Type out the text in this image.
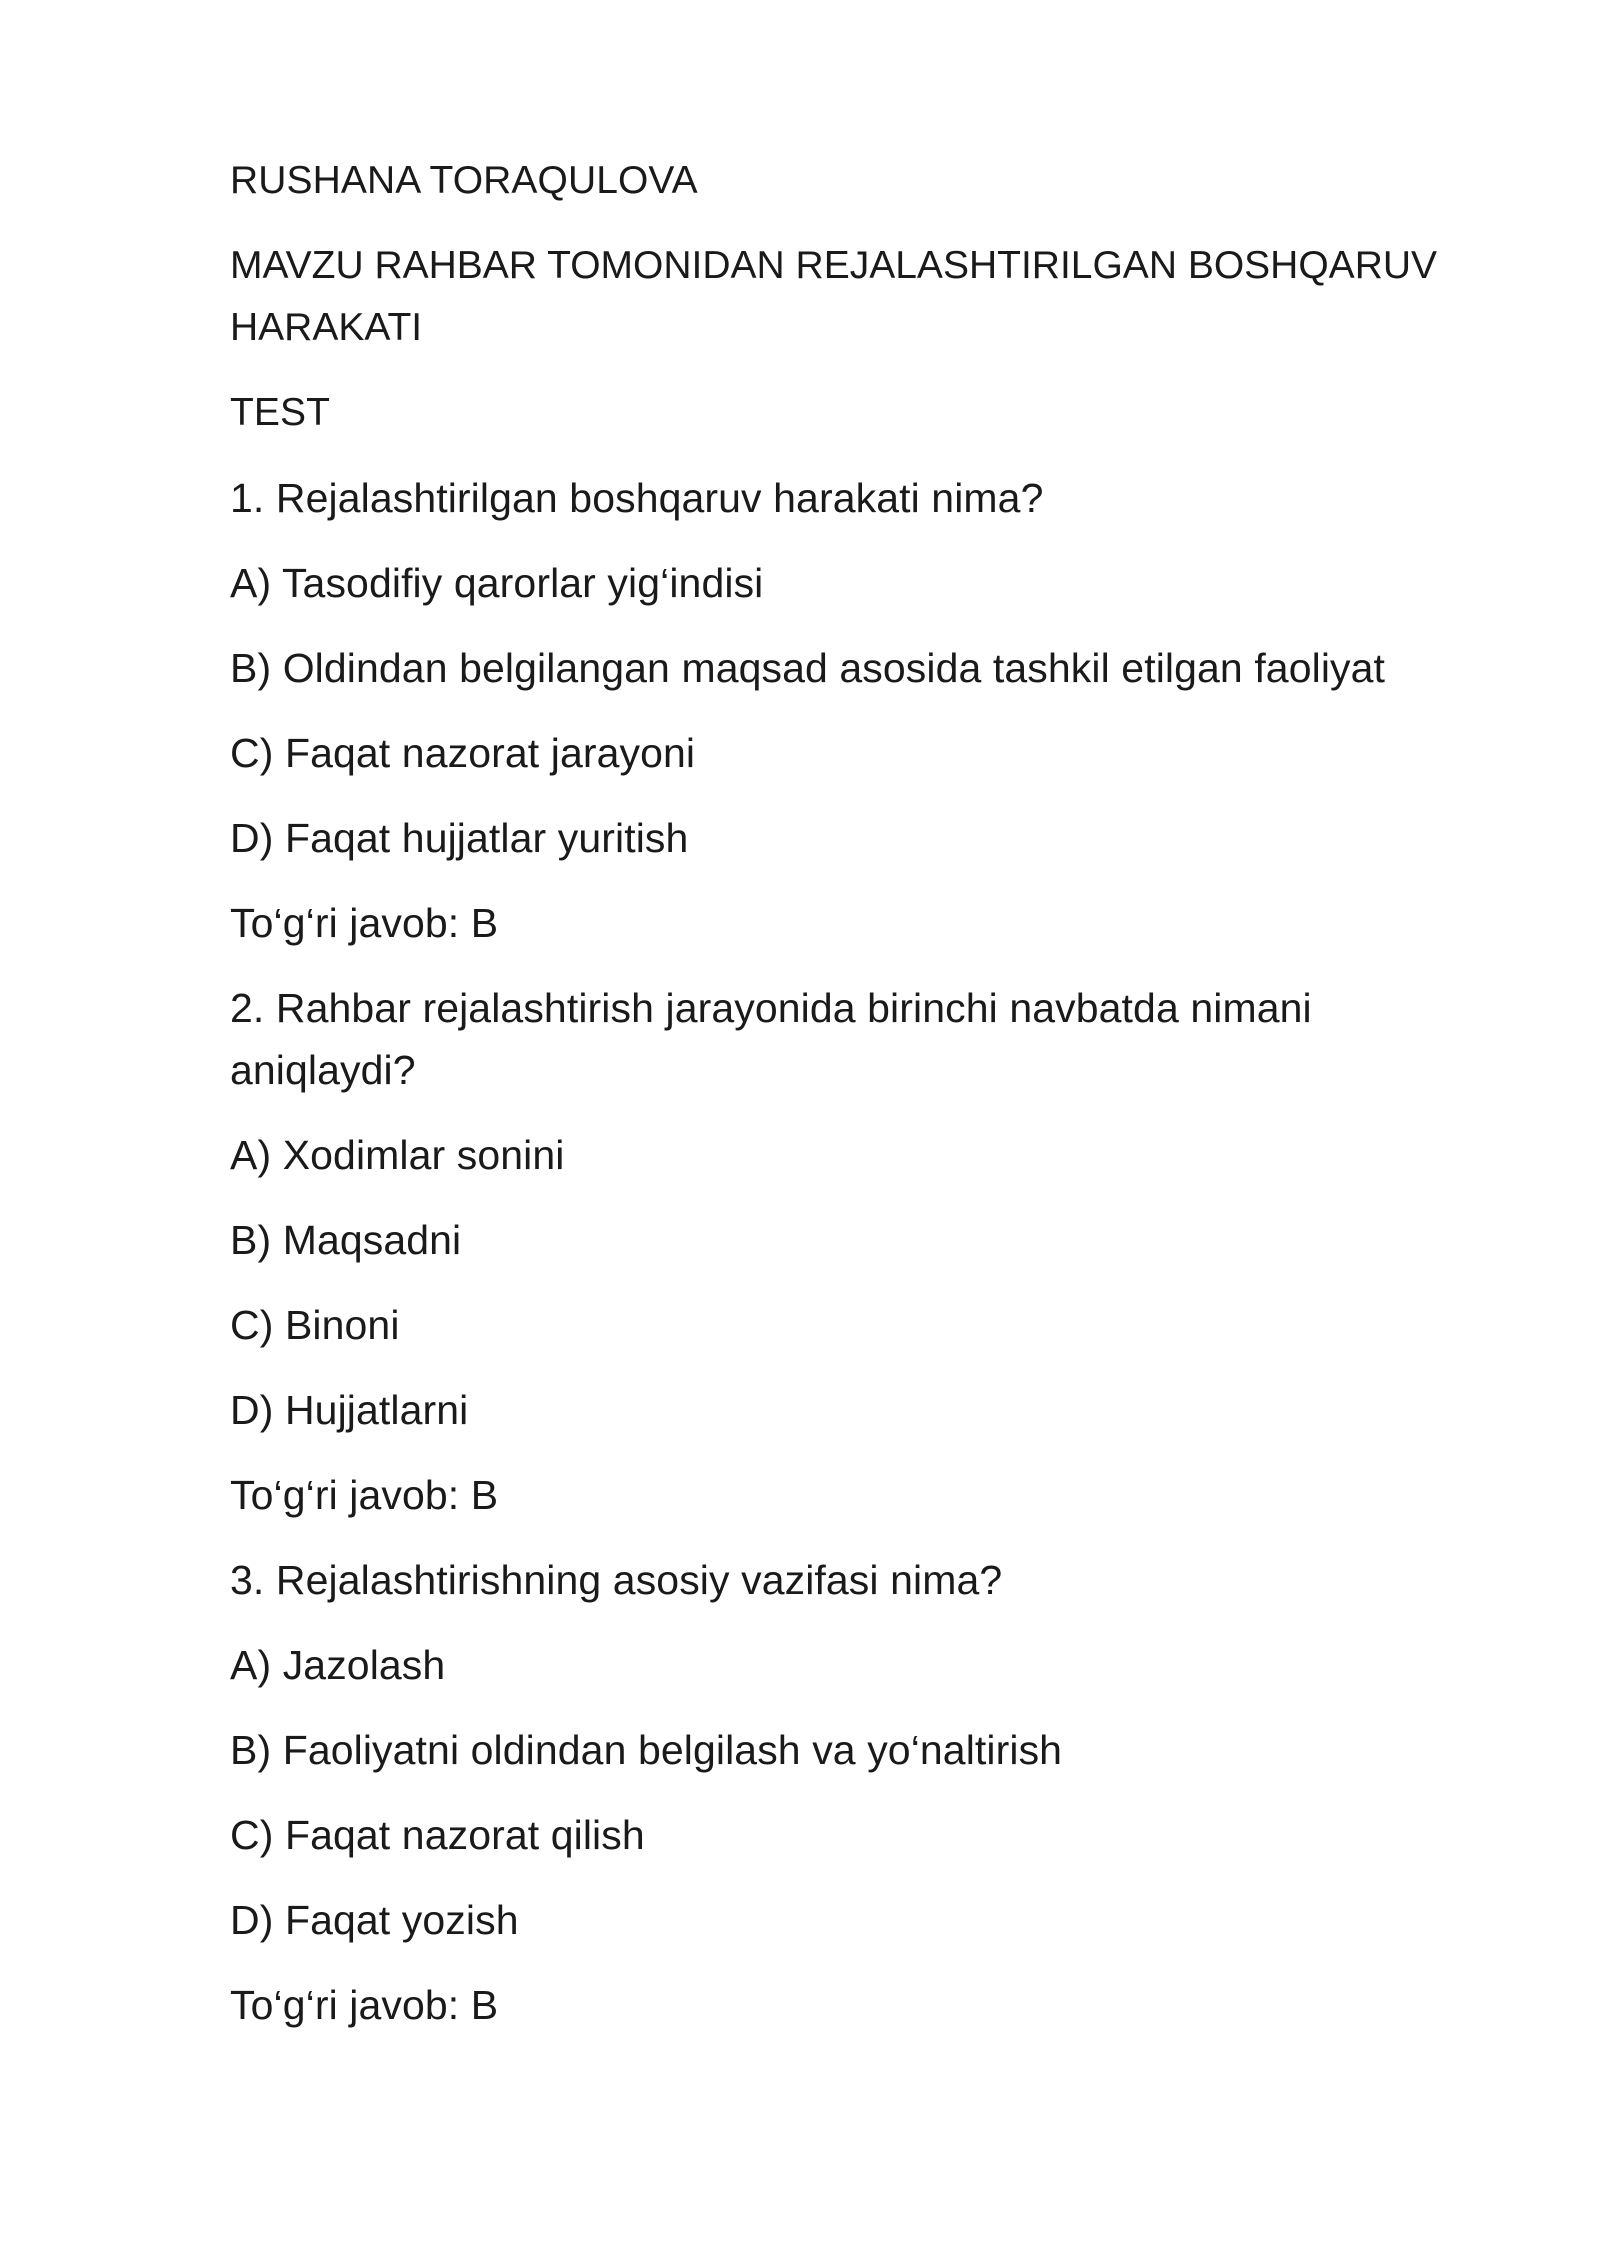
RUSHANA TORAQULOVA
MAVZU RAHBAR TOMONIDAN REJALASHTIRILGAN BOSHQARUV
HARAKATI
TEST
1. Rejalashtirilgan boshqaruv harakati nima?
A) Tasodifiy qarorlar yig‘indisi
B) Oldindan belgilangan maqsad asosida tashkil etilgan faoliyat
C) Faqat nazorat jarayoni
D) Faqat hujjatlar yuritish
To‘g‘ri javob: B
2. Rahbar rejalashtirish jarayonida birinchi navbatda nimani
aniqlaydi?
A) Xodimlar sonini
B) Maqsadni
C) Binoni
D) Hujjatlarni
To‘g‘ri javob: B
3. Rejalashtirishning asosiy vazifasi nima?
A) Jazolash
B) Faoliyatni oldindan belgilash va yo‘naltirish
C) Faqat nazorat qilish
D) Faqat yozish
To‘g‘ri javob: B
